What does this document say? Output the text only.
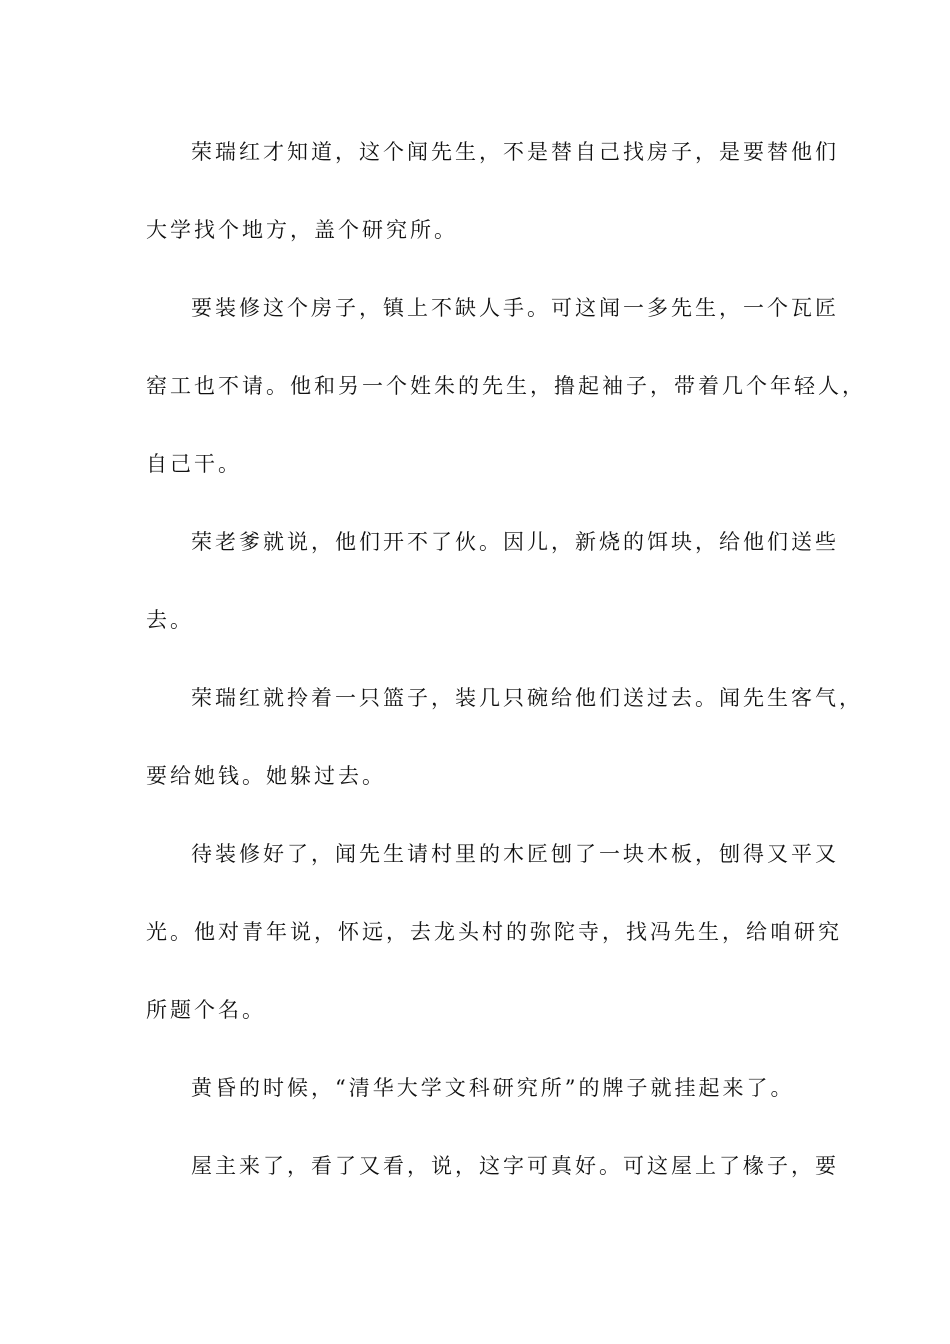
荣瑞红才知道，这个闻先生，不是替自己找房子，是要替他们
大学找个地方，盖个研究所。
要装修这个房子，镇上不缺人手。可这闻一多先生，一个瓦匠
窑工也不请。他和另一个姓朱的先生，撸起袖子，带着几个年轻人，
自己干。
荣老爹就说，他们开不了伙。因儿，新烧的饵块，给他们送些
去。
荣瑞红就拎着一只篮子，装几只碗给他们送过去。闻先生客气，
要给她钱。她躲过去。
待装修好了，闻先生请村里的木匠刨了一块木板，刨得又平又
光。他对青年说，怀远，去龙头村的弥陀寺，找冯先生，给咱研究
所题个名。
黄昏的时候，“清华大学文科研究所”的牌子就挂起来了。
屋主来了，看了又看，说，这字可真好。可这屋上了椽子，要
